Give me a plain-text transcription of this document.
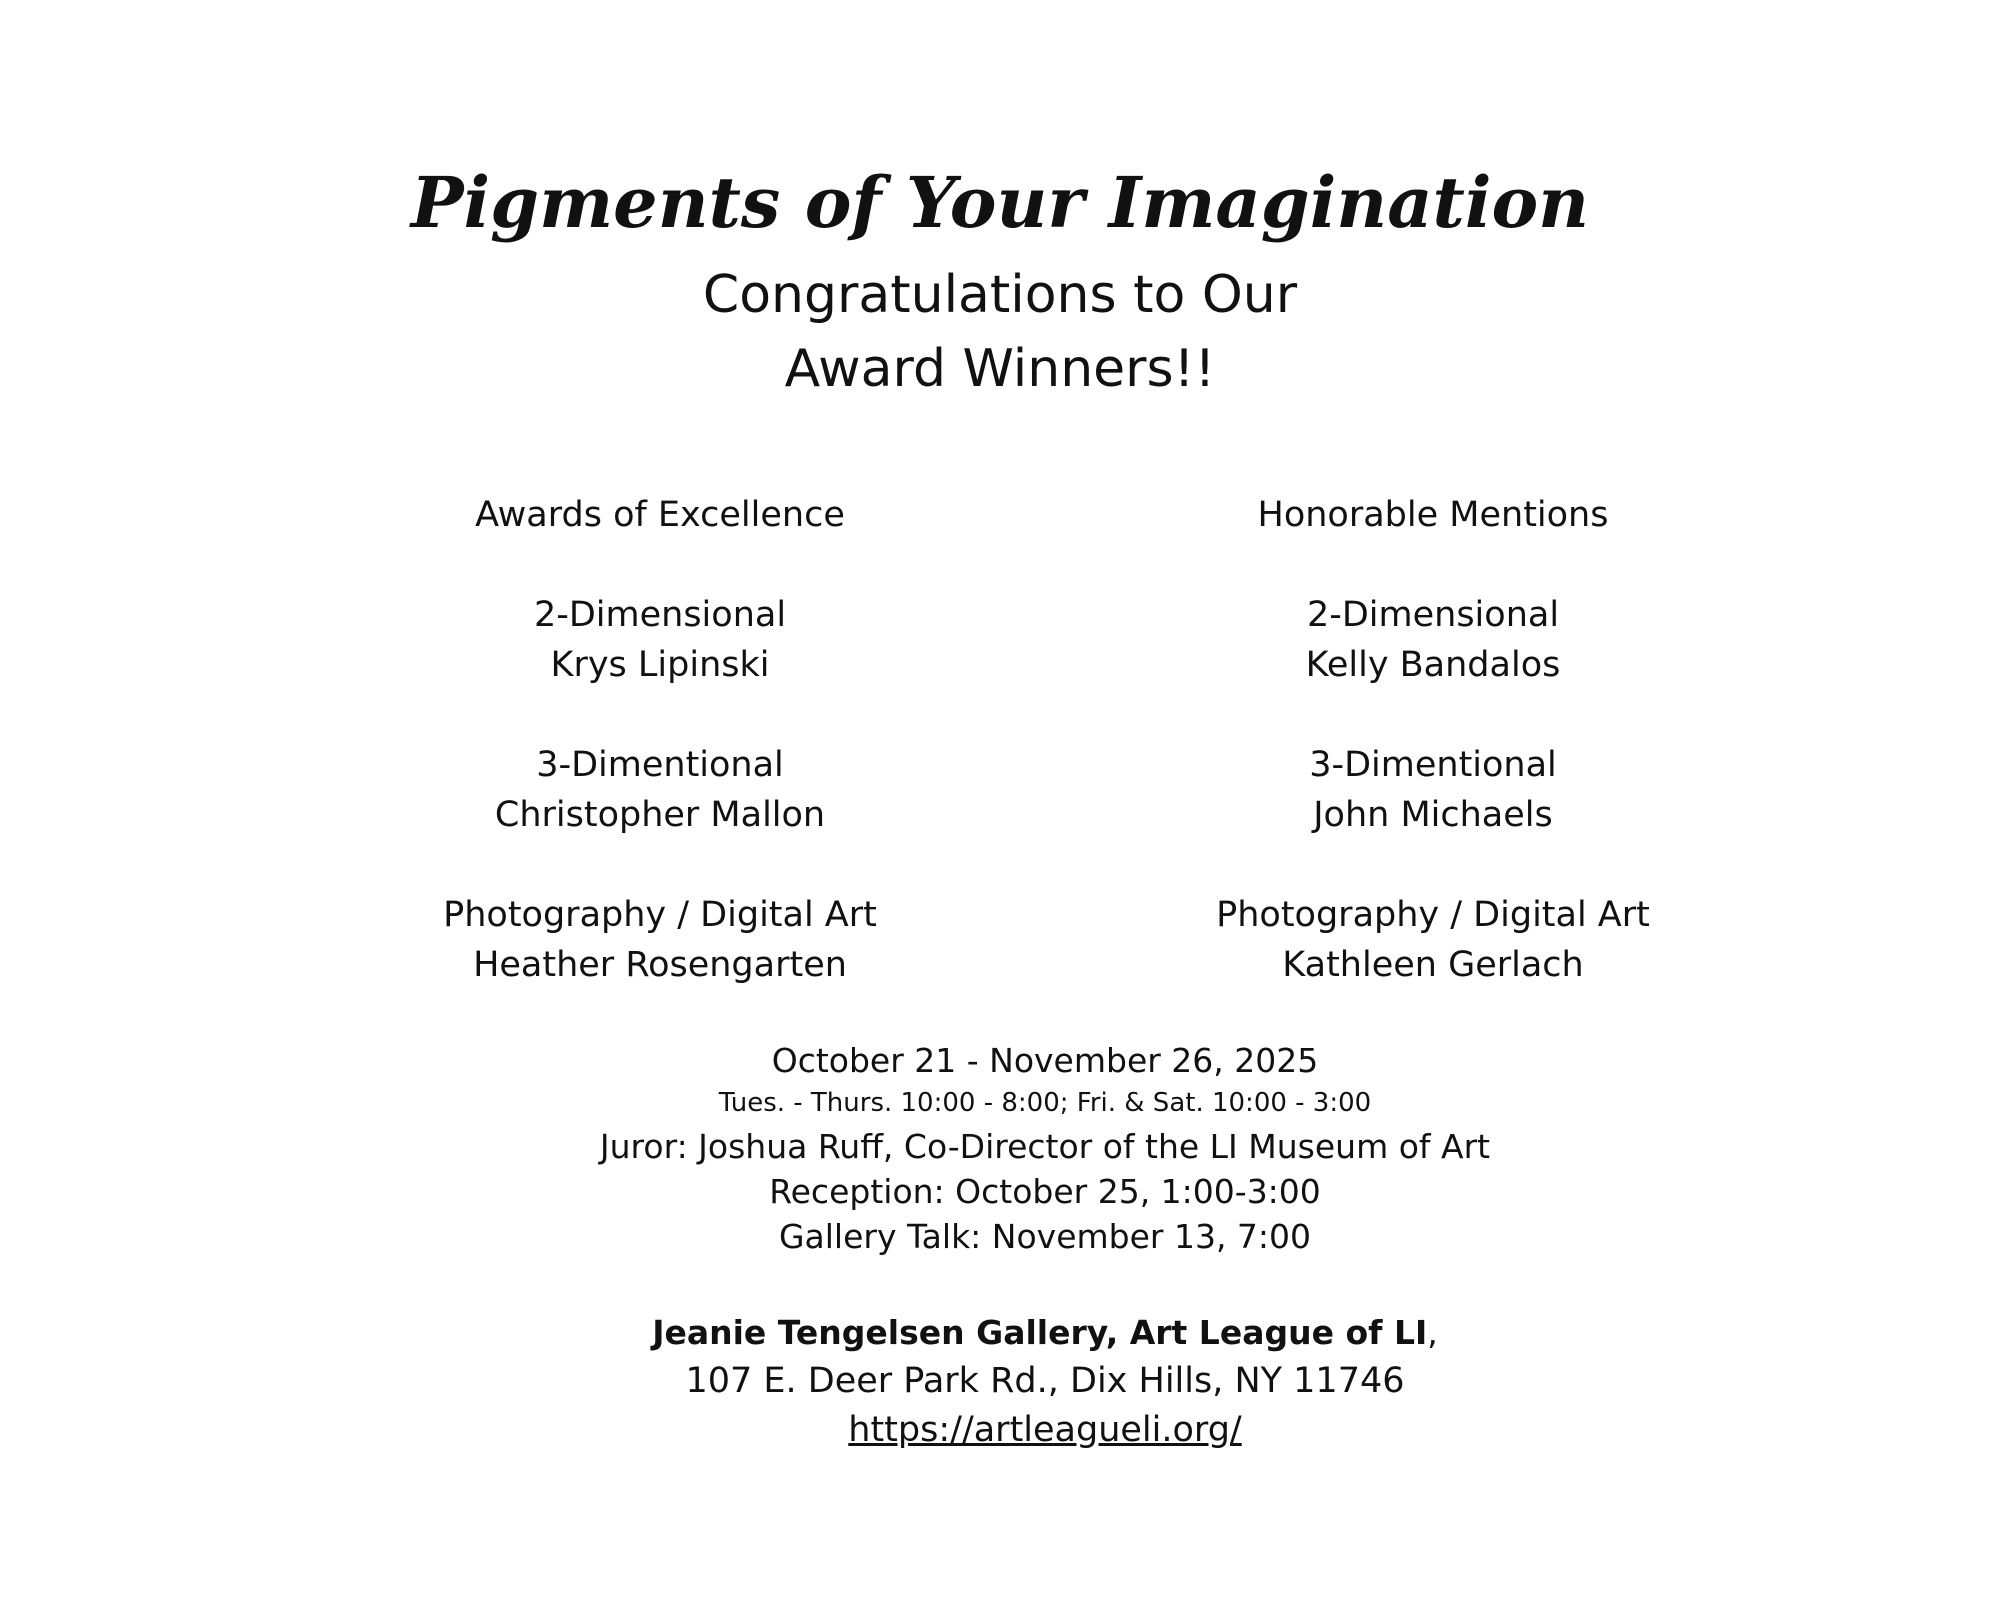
Pigments of Your Imagination
Congratulations to Our
Award Winners!!
Awards of Excellence
2-Dimensional
Krys Lipinski
3-Dimentional
Christopher Mallon
Photography / Digital Art
Heather Rosengarten
Honorable Mentions
2-Dimensional
Kelly Bandalos
3-Dimentional
John Michaels
Photography / Digital Art
Kathleen Gerlach
October 21 - November 26, 2025
Tues. - Thurs. 10:00 - 8:00; Fri. & Sat. 10:00 - 3:00
Juror: Joshua Ruff, Co-Director of the LI Museum of Art
Reception: October 25, 1:00-3:00
Gallery Talk: November 13, 7:00
Jeanie Tengelsen Gallery, Art League of LI,
107 E. Deer Park Rd., Dix Hills, NY 11746
https://artleagueli.org/
